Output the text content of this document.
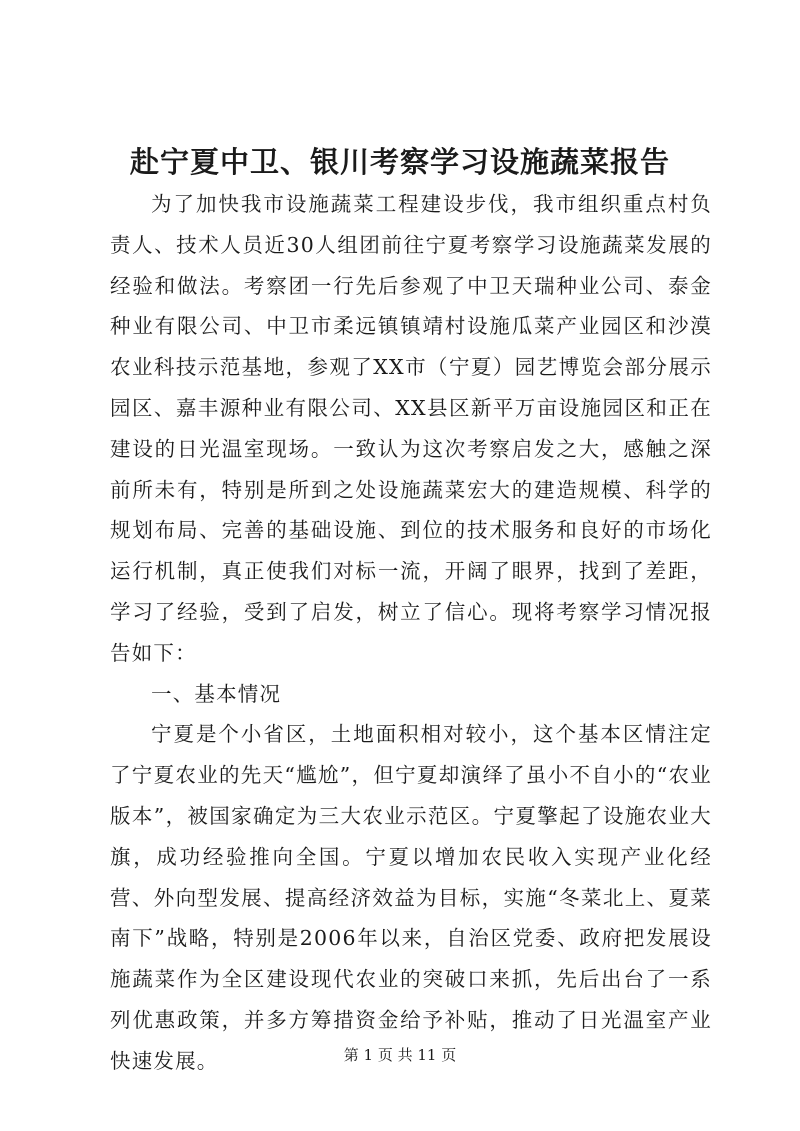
赴宁夏中卫、银川考察学习设施蔬菜报告

为了加快我市设施蔬菜工程建设步伐，我市组织重点村负责人、技术人员近30人组团前往宁夏考察学习设施蔬菜发展的经验和做法。考察团一行先后参观了中卫天瑞种业公司、泰金种业有限公司、中卫市柔远镇镇靖村设施瓜菜产业园区和沙漠农业科技示范基地，参观了XX市（宁夏）园艺博览会部分展示园区、嘉丰源种业有限公司、XX县区新平万亩设施园区和正在建设的日光温室现场。一致认为这次考察启发之大，感触之深前所未有，特别是所到之处设施蔬菜宏大的建造规模、科学的规划布局、完善的基础设施、到位的技术服务和良好的市场化运行机制，真正使我们对标一流，开阔了眼界，找到了差距，学习了经验，受到了启发，树立了信心。现将考察学习情况报告如下：

一、基本情况

宁夏是个小省区，土地面积相对较小，这个基本区情注定了宁夏农业的先天“尴尬”，但宁夏却演绎了虽小不自小的“农业版本”，被国家确定为三大农业示范区。宁夏擎起了设施农业大旗，成功经验推向全国。宁夏以增加农民收入实现产业化经营、外向型发展、提高经济效益为目标，实施“冬菜北上、夏菜南下”战略，特别是2006年以来，自治区党委、政府把发展设施蔬菜作为全区建设现代农业的突破口来抓，先后出台了一系列优惠政策，并多方筹措资金给予补贴，推动了日光温室产业快速发展。	第 1 页 共 11 页
